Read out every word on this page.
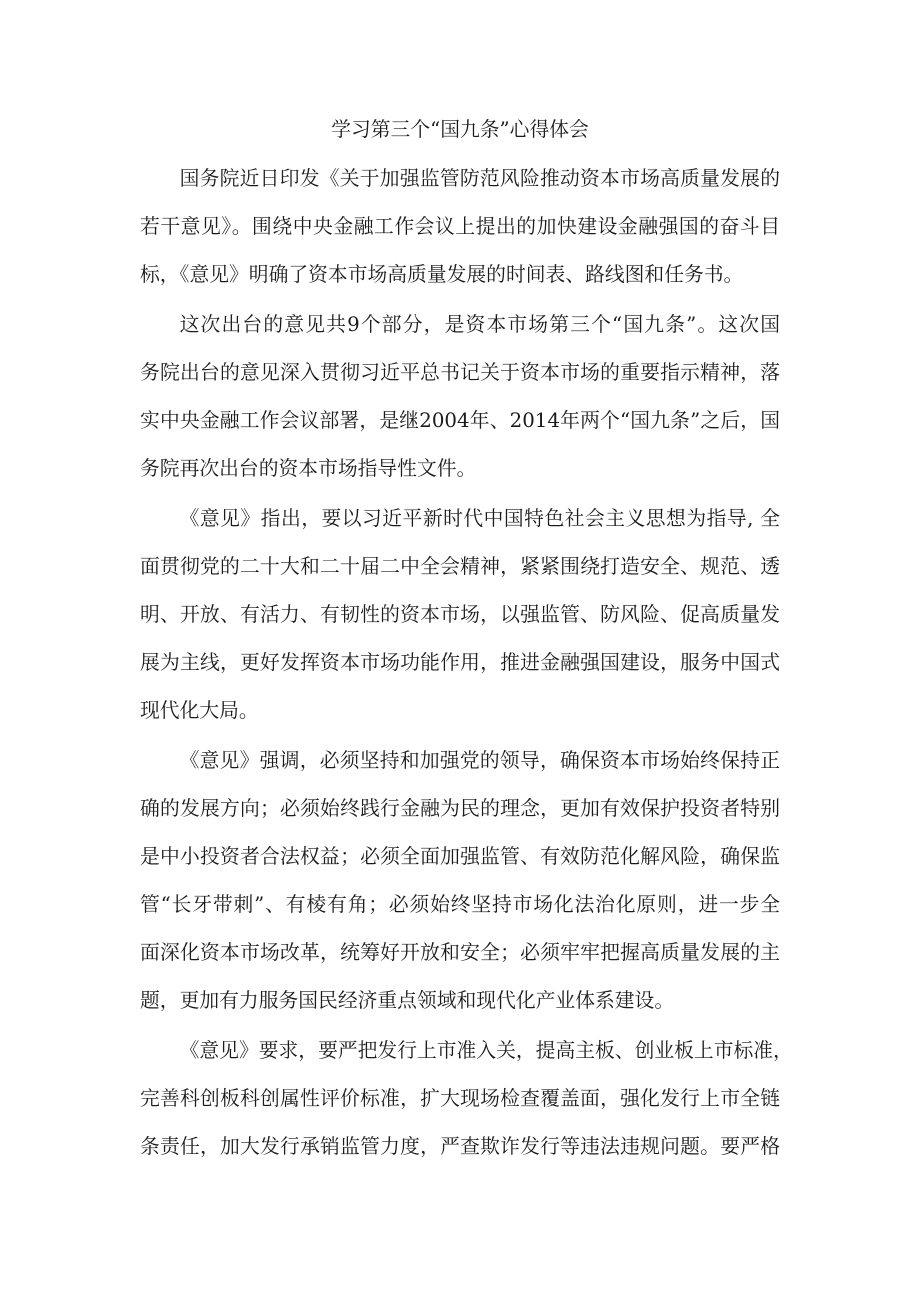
学习第三个“国九条”心得体会
国务院近日印发《关于加强监管防范风险推动资本市场高质量发展的
若干意见》。围绕中央金融工作会议上提出的加快建设金融强国的奋斗目
标，《意见》明确了资本市场高质量发展的时间表、路线图和任务书。
这次出台的意见共9个部分，是资本市场第三个“国九条”。这次国
务院出台的意见深入贯彻习近平总书记关于资本市场的重要指示精神，落
实中央金融工作会议部署，是继2004年、2014年两个“国九条”之后，国
务院再次出台的资本市场指导性文件。
《意见》指出，要以习近平新时代中国特色社会主义思想为指导, 全
面贯彻党的二十大和二十届二中全会精神，紧紧围绕打造安全、规范、透
明、开放、有活力、有韧性的资本市场，以强监管、防风险、促高质量发
展为主线，更好发挥资本市场功能作用，推进金融强国建设，服务中国式
现代化大局。
《意见》强调，必须坚持和加强党的领导，确保资本市场始终保持正
确的发展方向；必须始终践行金融为民的理念，更加有效保护投资者特别
是中小投资者合法权益；必须全面加强监管、有效防范化解风险，确保监
管“长牙带刺”、有棱有角；必须始终坚持市场化法治化原则，进一步全
面深化资本市场改革，统筹好开放和安全；必须牢牢把握高质量发展的主
题，更加有力服务国民经济重点领域和现代化产业体系建设。
《意见》要求，要严把发行上市准入关，提高主板、创业板上市标准，
完善科创板科创属性评价标准，扩大现场检查覆盖面，强化发行上市全链
条责任，加大发行承销监管力度，严查欺诈发行等违法违规问题。要严格
